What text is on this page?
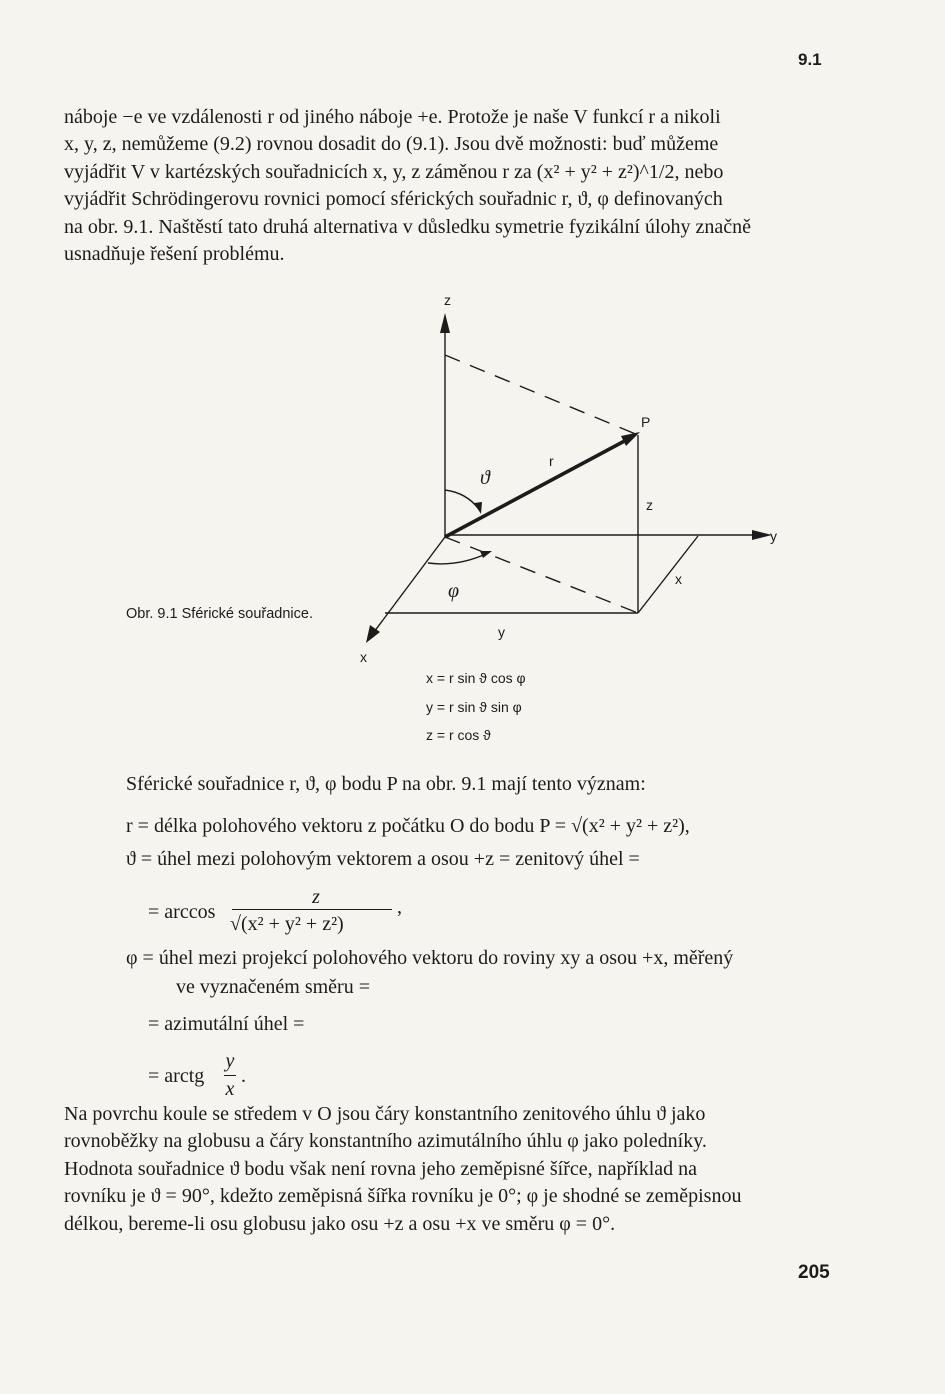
9.1
náboje −e ve vzdálenosti r od jiného náboje +e. Protože je naše V funkcí r a nikoli
x, y, z, nemůžeme (9.2) rovnou dosadit do (9.1). Jsou dvě možnosti: buď můžeme
vyjádřit V v kartézských souřadnicích x, y, z záměnou r za (x² + y² + z²)^1/2, nebo
vyjádřit Schrödingerovu rovnici pomocí sférických souřadnic r, ϑ, φ definovaných
na obr. 9.1. Naštěstí tato druhá alternativa v důsledku symetrie fyzikální úlohy značně
usnadňuje řešení problému.
z
y
x
P
r
z
x
y
ϑ
φ
x = r sin ϑ cos φ
y = r sin ϑ sin φ
z = r cos ϑ
Obr. 9.1 Sférické souřadnice.
Sférické souřadnice r, ϑ, φ bodu P na obr. 9.1 mají tento význam:
r = délka polohového vektoru z počátku O do bodu P = √(x² + y² + z²),
ϑ = úhel mezi polohovým vektorem a osou +z = zenitový úhel =
= arccos
z
√(x² + y² + z²)
,
φ = úhel mezi projekcí polohového vektoru do roviny xy a osou +x, měřený
ve vyznačeném směru =
= azimutální úhel =
= arctg
y
x
.
Na povrchu koule se středem v O jsou čáry konstantního zenitového úhlu ϑ jako
rovnoběžky na globusu a čáry konstantního azimutálního úhlu φ jako poledníky.
Hodnota souřadnice ϑ bodu však není rovna jeho zeměpisné šířce, například na
rovníku je ϑ = 90°, kdežto zeměpisná šířka rovníku je 0°; φ je shodné se zeměpisnou
délkou, bereme-li osu globusu jako osu +z a osu +x ve směru φ = 0°.
205
